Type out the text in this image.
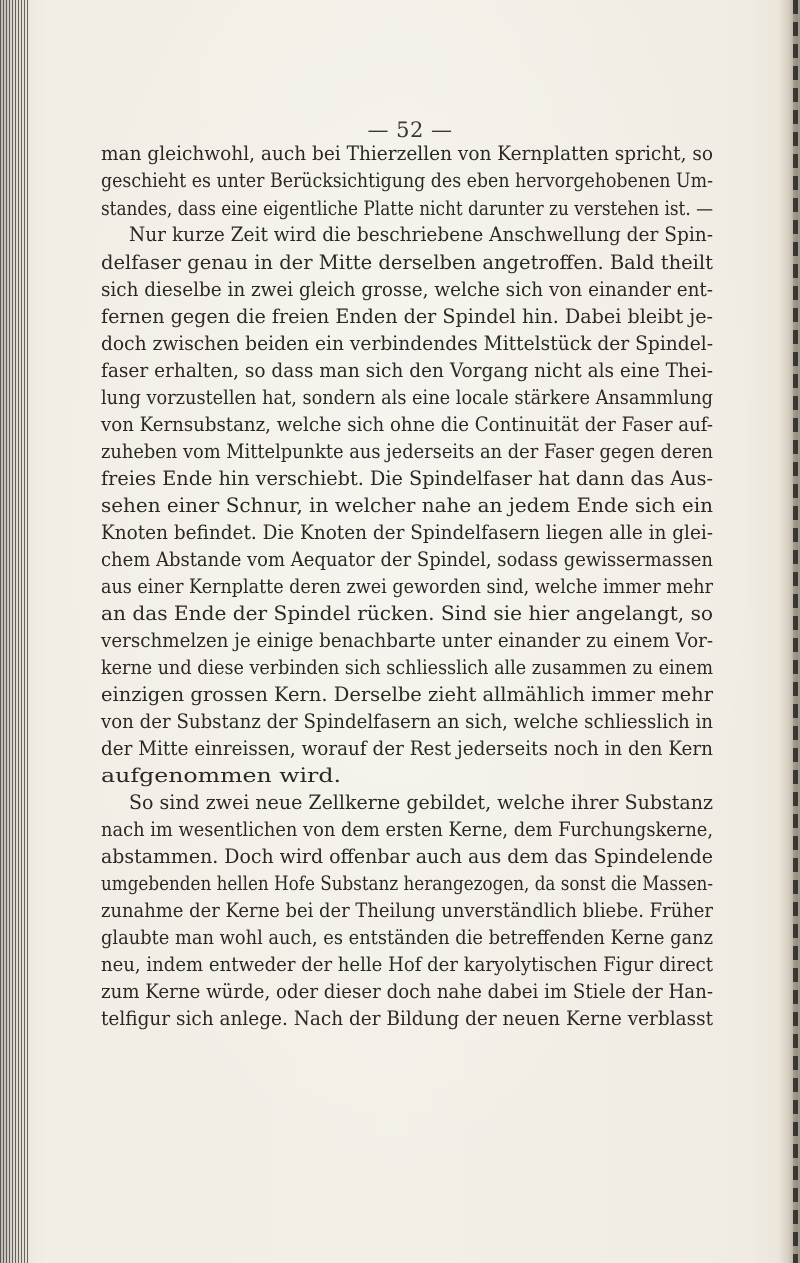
— 52 —
man gleichwohl, auch bei Thierzellen von Kernplatten spricht, so
geschieht es unter Berücksichtigung des eben hervorgehobenen Um-
standes, dass eine eigentliche Platte nicht darunter zu verstehen ist. —
Nur kurze Zeit wird die beschriebene Anschwellung der Spin-
delfaser genau in der Mitte derselben angetroffen. Bald theilt
sich dieselbe in zwei gleich grosse, welche sich von einander ent-
fernen gegen die freien Enden der Spindel hin. Dabei bleibt je-
doch zwischen beiden ein verbindendes Mittelstück der Spindel-
faser erhalten, so dass man sich den Vorgang nicht als eine Thei-
lung vorzustellen hat, sondern als eine locale stärkere Ansammlung
von Kernsubstanz, welche sich ohne die Continuität der Faser auf-
zuheben vom Mittelpunkte aus jederseits an der Faser gegen deren
freies Ende hin verschiebt. Die Spindelfaser hat dann das Aus-
sehen einer Schnur, in welcher nahe an jedem Ende sich ein
Knoten befindet. Die Knoten der Spindelfasern liegen alle in glei-
chem Abstande vom Aequator der Spindel, sodass gewissermassen
aus einer Kernplatte deren zwei geworden sind, welche immer mehr
an das Ende der Spindel rücken. Sind sie hier angelangt, so
verschmelzen je einige benachbarte unter einander zu einem Vor-
kerne und diese verbinden sich schliesslich alle zusammen zu einem
einzigen grossen Kern. Derselbe zieht allmählich immer mehr
von der Substanz der Spindelfasern an sich, welche schliesslich in
der Mitte einreissen, worauf der Rest jederseits noch in den Kern
aufgenommen wird.
So sind zwei neue Zellkerne gebildet, welche ihrer Substanz
nach im wesentlichen von dem ersten Kerne, dem Furchungskerne,
abstammen. Doch wird offenbar auch aus dem das Spindelende
umgebenden hellen Hofe Substanz herangezogen, da sonst die Massen-
zunahme der Kerne bei der Theilung unverständlich bliebe. Früher
glaubte man wohl auch, es entständen die betreffenden Kerne ganz
neu, indem entweder der helle Hof der karyolytischen Figur direct
zum Kerne würde, oder dieser doch nahe dabei im Stiele der Han-
telfigur sich anlege. Nach der Bildung der neuen Kerne verblasst
